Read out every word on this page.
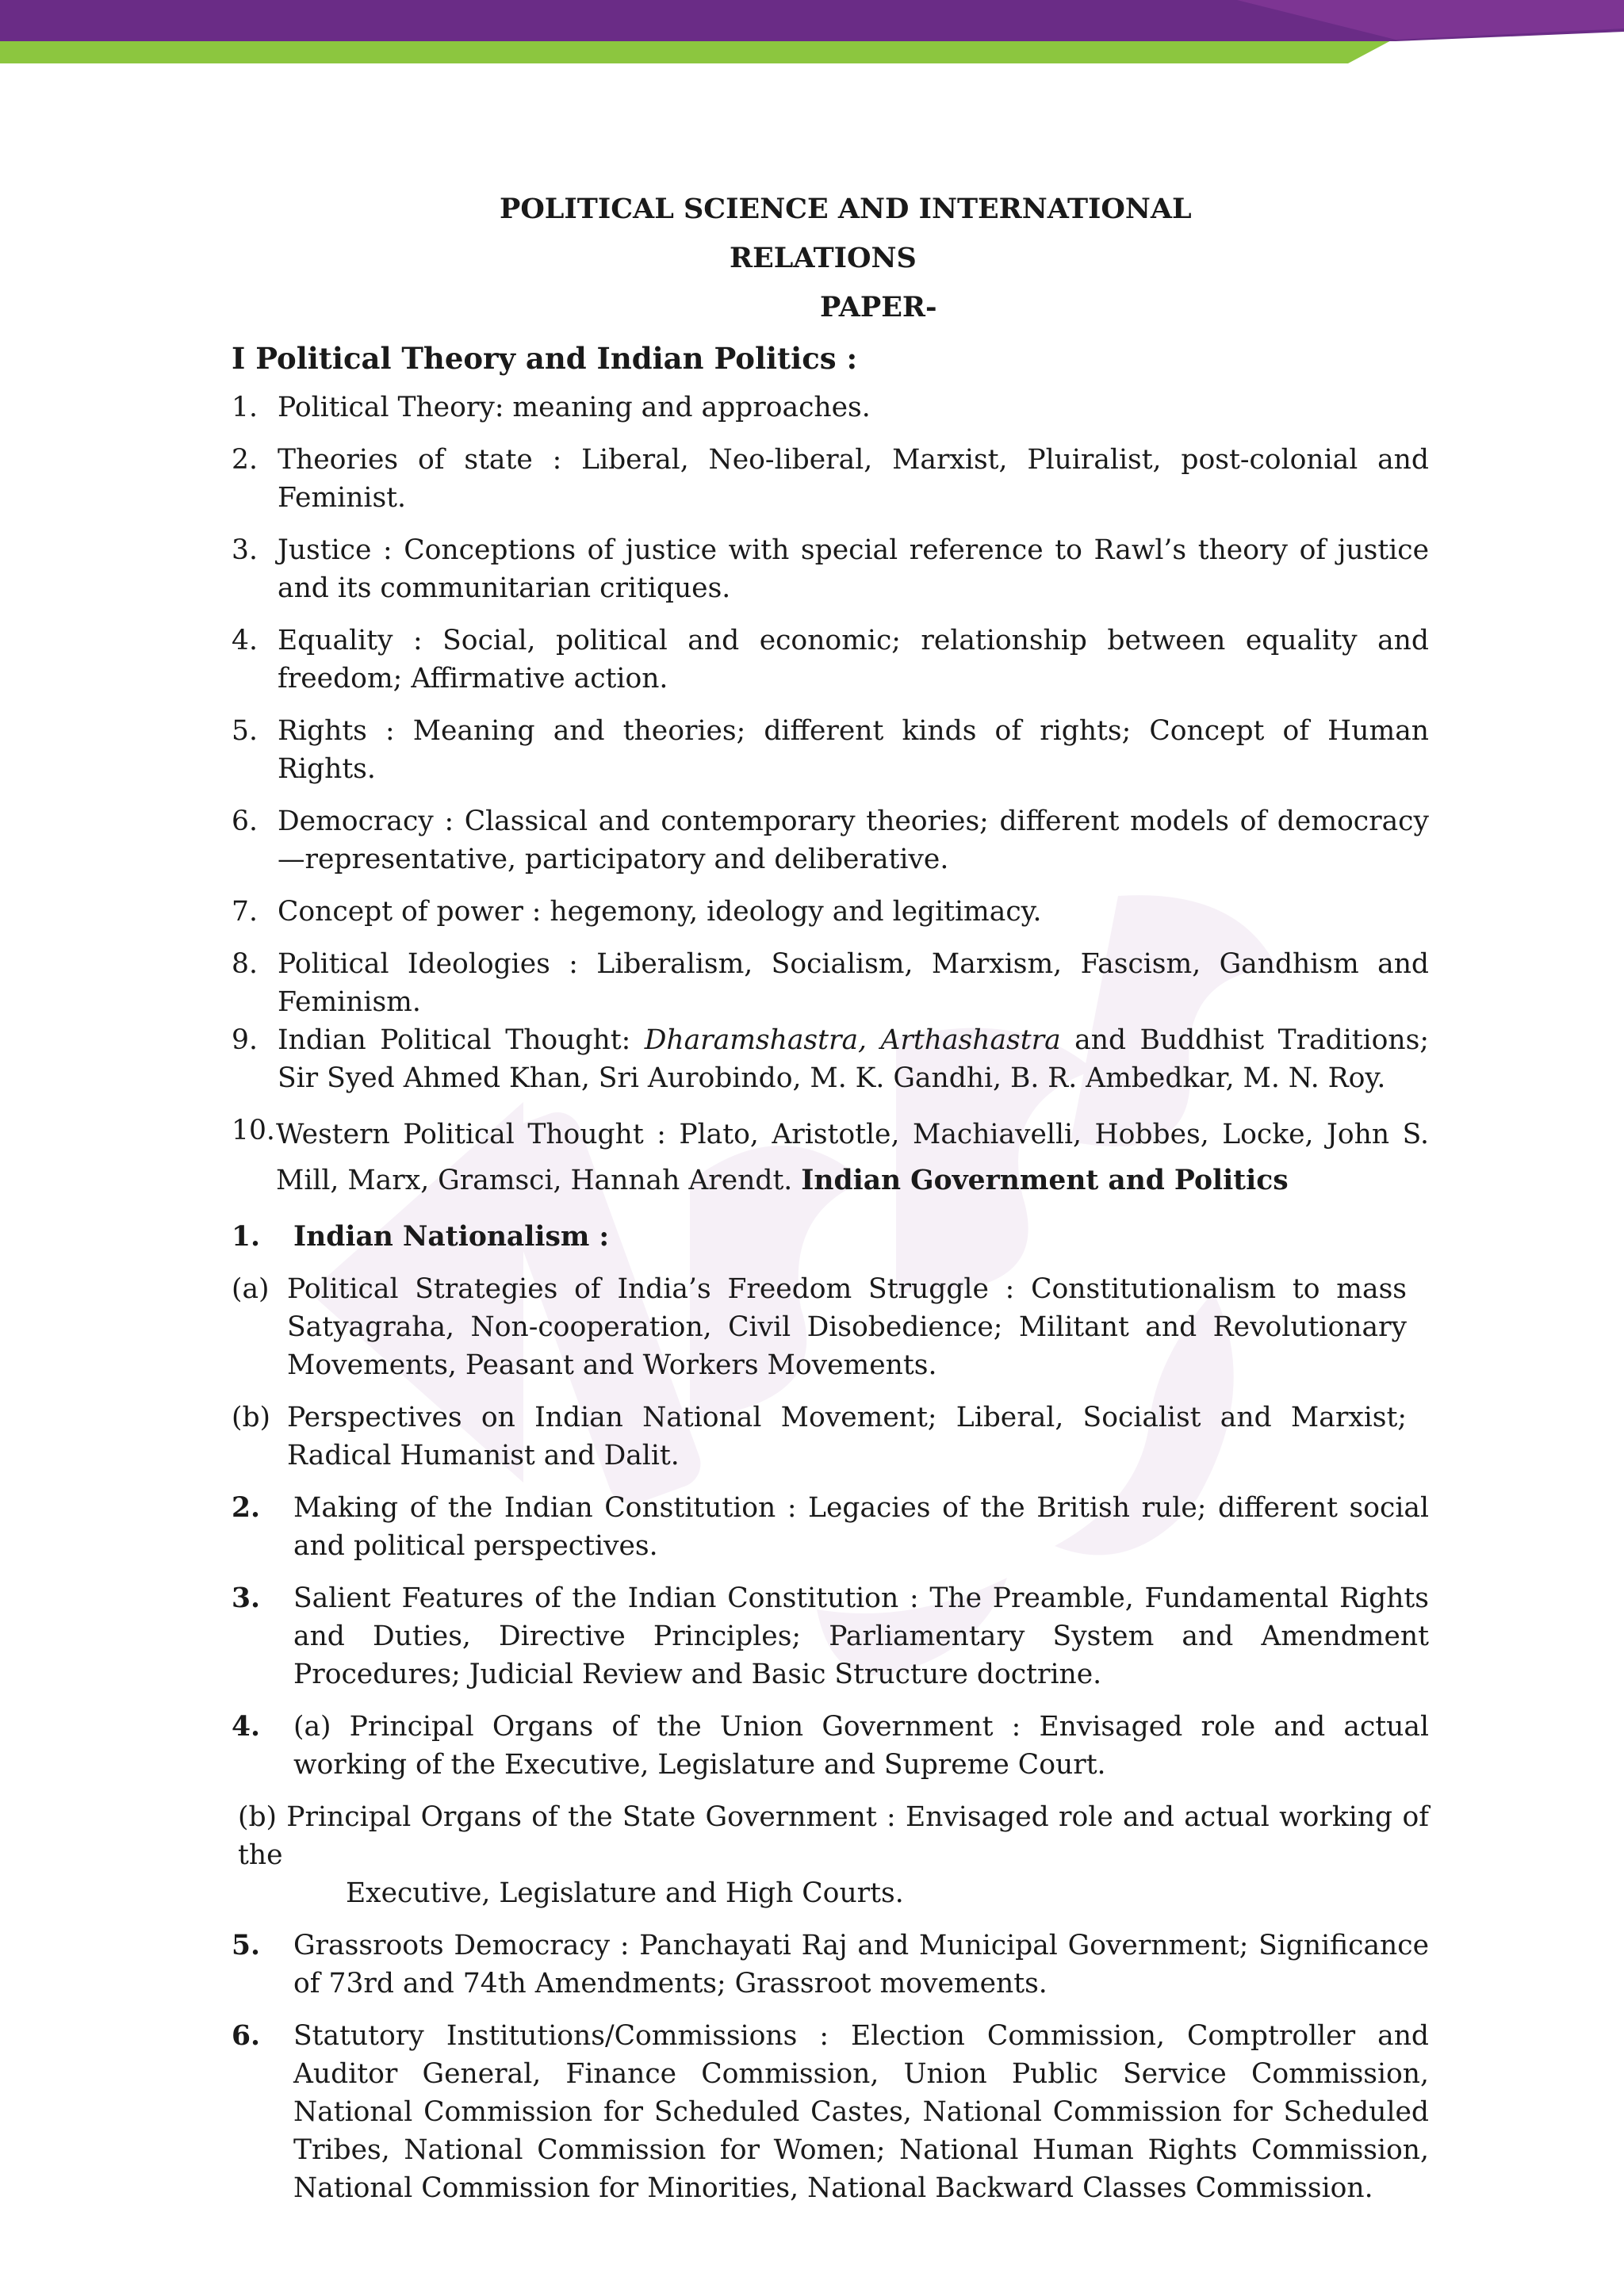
POLITICAL SCIENCE AND INTERNATIONAL
RELATIONS
PAPER-
I Political Theory and Indian Politics :
1. Political Theory: meaning and approaches.
2. Theories of state : Liberal, Neo-liberal, Marxist, Pluiralist, post-colonial and Feminist.
3. Justice : Conceptions of justice with special reference to Rawl’s theory of justice and its communitarian critiques.
4. Equality : Social, political and economic; relationship between equality and freedom; Affirmative action.
5. Rights : Meaning and theories; different kinds of rights; Concept of Human Rights.
6. Democracy : Classical and contemporary theories; different models of democracy—representative, participatory and deliberative.
7. Concept of power : hegemony, ideology and legitimacy.
8. Political Ideologies : Liberalism, Socialism, Marxism, Fascism, Gandhism and Feminism.
9. Indian Political Thought: Dharamshastra, Arthashastra and Buddhist Traditions; Sir Syed Ahmed Khan, Sri Aurobindo, M. K. Gandhi, B. R. Ambedkar, M. N. Roy.
10. Western Political Thought : Plato, Aristotle, Machiavelli, Hobbes, Locke, John S. Mill, Marx, Gramsci, Hannah Arendt. Indian Government and Politics
1.	Indian Nationalism :
(a) Political Strategies of India’s Freedom Struggle : Constitutionalism to mass Satyagraha, Non-cooperation, Civil Disobedience; Militant and Revolutionary Movements, Peasant and Workers Movements.
(b) Perspectives on Indian National Movement; Liberal, Socialist and Marxist; Radical Humanist and Dalit.
2.	Making of the Indian Constitution : Legacies of the British rule; different social and political perspectives.
3.	Salient Features of the Indian Constitution : The Preamble, Fundamental Rights and Duties, Directive Principles; Parliamentary System and Amendment Procedures; Judicial Review and Basic Structure doctrine.
4.	(a) Principal Organs of the Union Government : Envisaged role and actual working of the Executive, Legislature and Supreme Court.
(b) Principal Organs of the State Government : Envisaged role and actual working of the
Executive, Legislature and High Courts.
5.	Grassroots Democracy : Panchayati Raj and Municipal Government; Significance of 73rd and 74th Amendments; Grassroot movements.
6.	Statutory Institutions/Commissions : Election Commission, Comptroller and Auditor General, Finance Commission, Union Public Service Commission, National Commission for Scheduled Castes, National Commission for Scheduled Tribes, National Commission for Women; National Human Rights Commission, National Commission for Minorities, National Backward Classes Commission.
